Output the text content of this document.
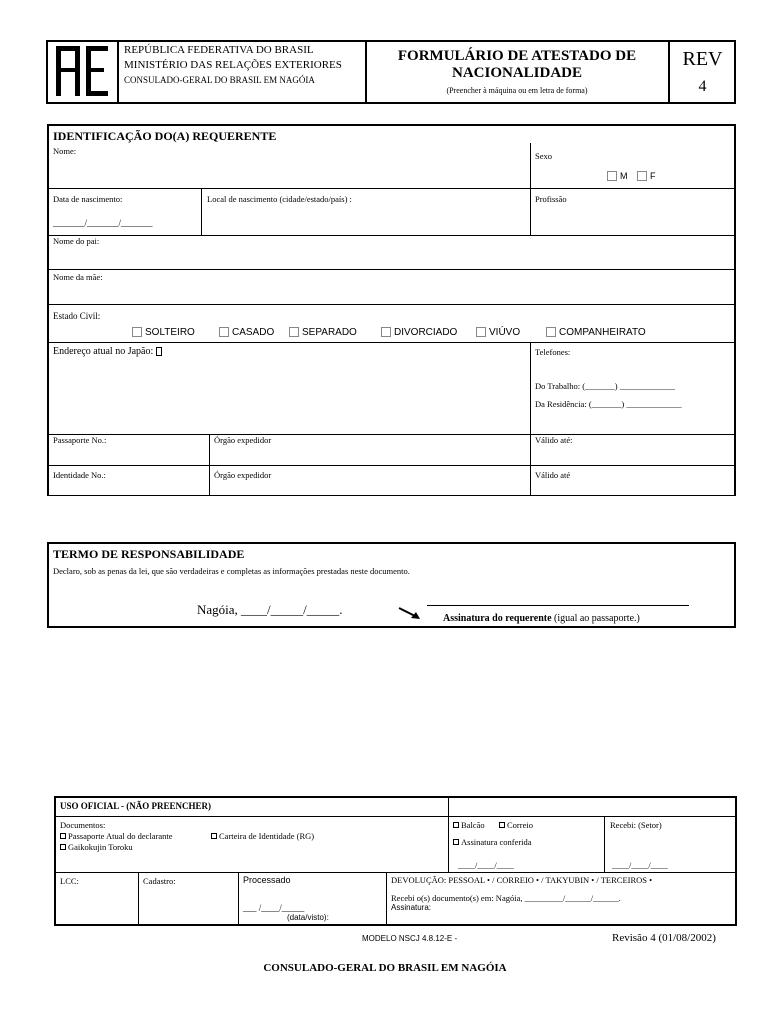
REPÚBLICA FEDERATIVA DO BRASIL
MINISTÉRIO DAS RELAÇÕES EXTERIORES
CONSULADO-GERAL DO BRASIL EM NAGÓIA
FORMULÁRIO DE ATESTADO DE
NACIONALIDADE
(Preencher à máquina ou em letra de forma)
REV
4
IDENTIFICAÇÃO DO(A) REQUERENTE
Nome:	Sexo
M	F
Data de nascimento:
_______/_______/_______
Local de nascimento (cidade/estado/país) :	Profissão
Nome do pai:
Nome da mãe:
Estado Civil:
SOLTEIRO	CASADO	SEPARADO	DIVORCIADO	VIÚVO	COMPANHEIRATO
Endereço atual no Japão:	Telefones:
Do Trabalho: (_______) _____________
Da Residência: (_______) _____________
Passaporte No.:	Órgão expedidor	Válido até:
Identidade No.:	Órgão expedidor	Válido até
TERMO DE RESPONSABILIDADE
Declaro, sob as penas da lei, que são verdadeiras e completas as informações prestadas neste documento.
Nagóia, ____/_____/_____.
Assinatura do requerente (igual ao passaporte.)
USO OFICIAL - (NÃO PREENCHER)
Documentos:
Passaporte Atual do declarante	Carteira de Identidade (RG)
Gaikokujin Toroku
Balcão	Correio
Assinatura conferida
____/____/____
Recebi: (Setor)
____/____/____
LCC:	Cadastro:	Processado
___ /____/_____
(data/visto):
DEVOLUÇÃO: PESSOAL • / CORREIO • / TAKYUBIN • / TERCEIROS •
Recebi o(s) documento(s) em: Nagóia, _________/______/______.
Assinatura:
MODELO NSCJ 4.8.12-E -	Revisão 4 (01/08/2002)
CONSULADO-GERAL DO BRASIL EM NAGÓIA
